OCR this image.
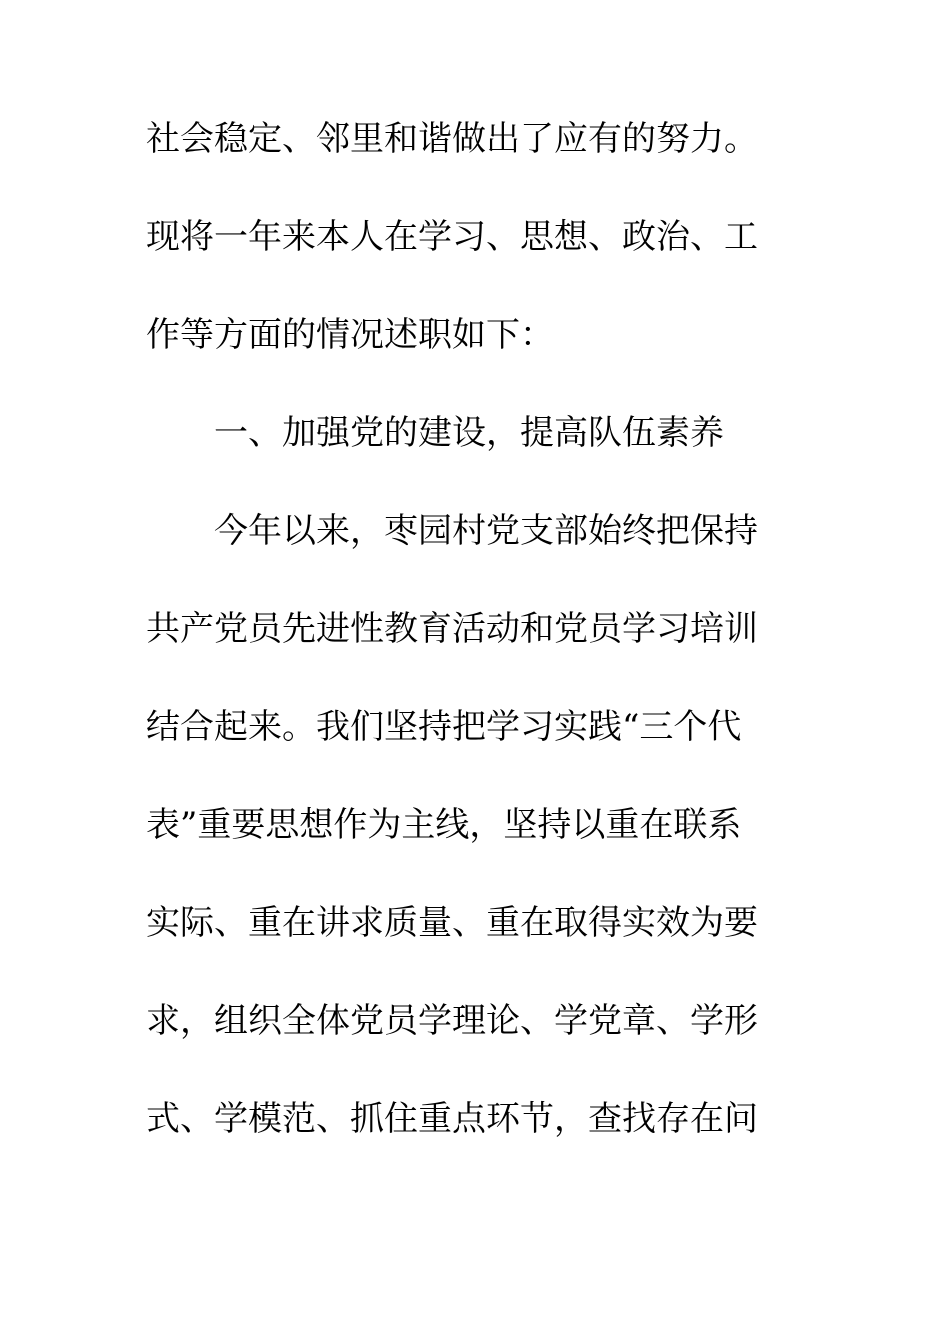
社会稳定、邻里和谐做出了应有的努力。
现将一年来本人在学习、思想、政治、工
作等方面的情况述职如下：
一、加强党的建设，提高队伍素养
今年以来，枣园村党支部始终把保持
共产党员先进性教育活动和党员学习培训
结合起来。我们坚持把学习实践“三个代
表”重要思想作为主线，坚持以重在联系
实际、重在讲求质量、重在取得实效为要
求，组织全体党员学理论、学党章、学形
式、学模范、抓住重点环节，查找存在问
